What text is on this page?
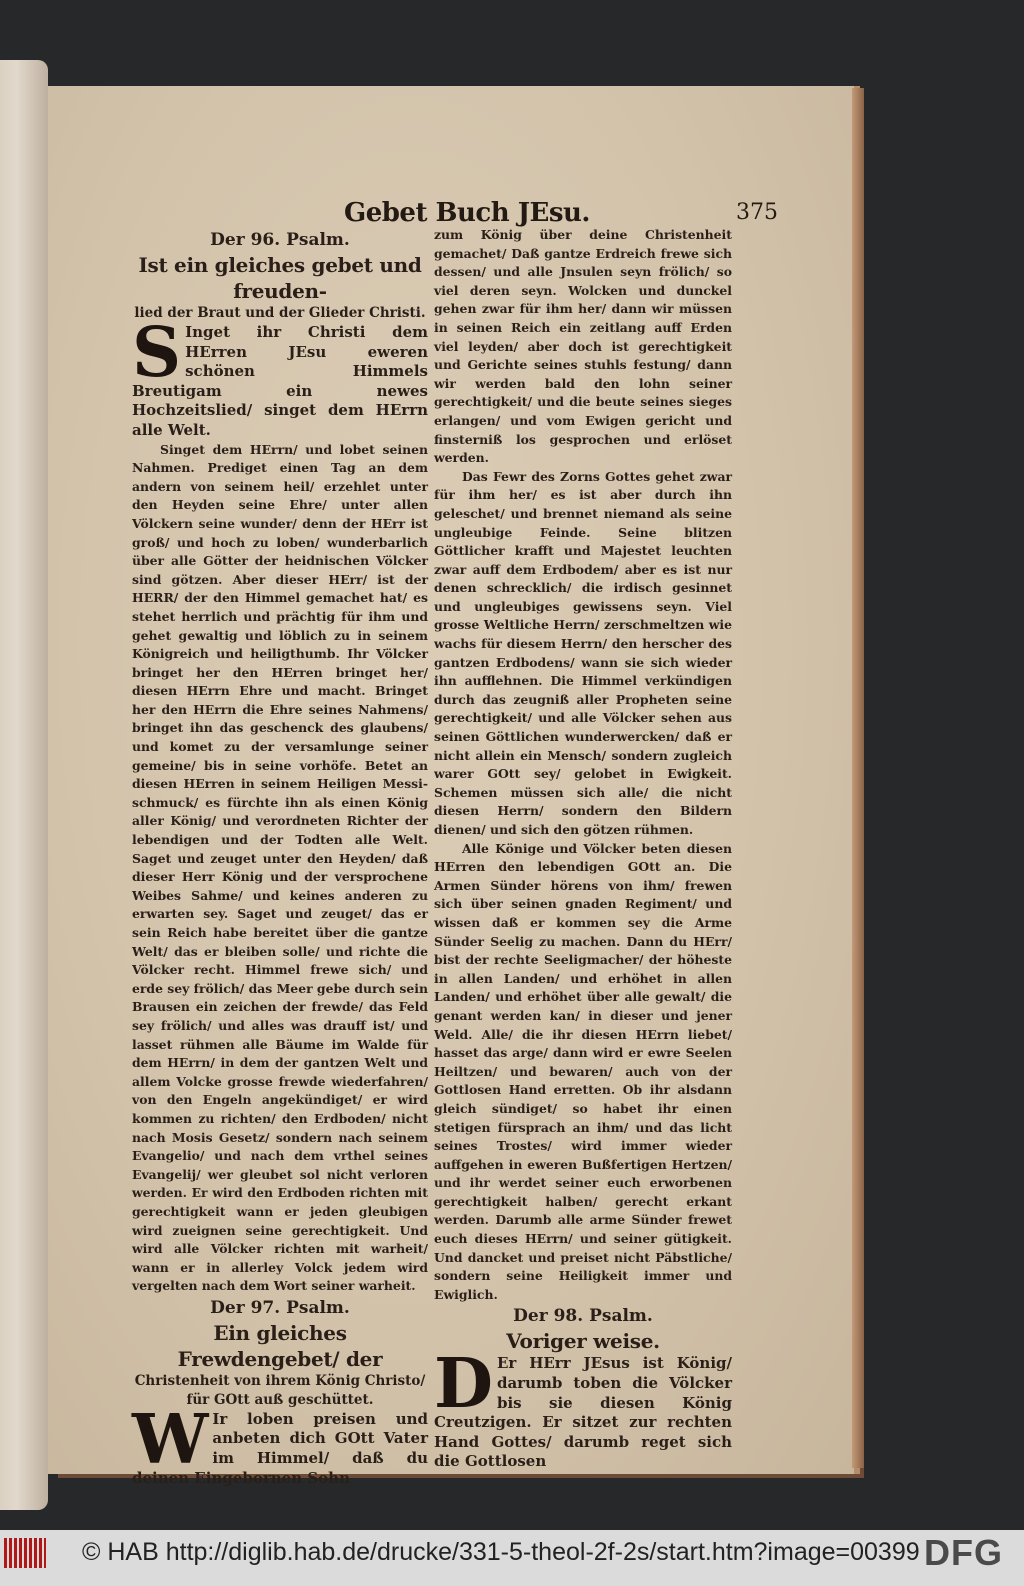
Gebet Buch JEsu.	375
Der 96. Psalm.
Ist ein gleiches gebet und freuden-
lied der Braut und der Glieder Christi.

S Inget ihr Christi dem HErren JEsu eweren schönen Himmels Breutigam ein newes Hochzeitslied/ singet dem HErrn alle Welt.

Singet dem HErrn/ und lobet seinen Nahmen. Prediget einen Tag an dem andern von seinem heil/ erzehlet unter den Heyden seine Ehre/ unter allen Völckern seine wunder/ denn der HErr ist groß/ und hoch zu loben/ wunderbarlich über alle Götter der heidnischen Völcker sind götzen. Aber dieser HErr/ ist der HERR/ der den Himmel gemachet hat/ es stehet herrlich und prächtig für ihm und gehet gewaltig und löblich zu in seinem Königreich und heiligthumb. Ihr Völcker bringet her den HErren bringet her/ diesen HErrn Ehre und macht. Bringet her den HErrn die Ehre seines Nahmens/ bringet ihn das geschenck des glaubens/ und komet zu der versamlunge seiner gemeine/ bis in seine vorhöfe. Betet an diesen HErren in seinem Heiligen Messi-schmuck/ es fürchte ihn als einen König aller König/ und verordneten Richter der lebendigen und der Todten alle Welt. Saget und zeuget unter den Heyden/ daß dieser Herr König und der versprochene Weibes Sahme/ und keines anderen zu erwarten sey. Saget und zeuget/ das er sein Reich habe bereitet über die gantze Welt/ das er bleiben solle/ und richte die Völcker recht. Himmel frewe sich/ und erde sey frölich/ das Meer gebe durch sein Brausen ein zeichen der frewde/ das Feld sey frölich/ und alles was drauff ist/ und lasset rühmen alle Bäume im Walde für dem HErrn/ in dem der gantzen Welt und allem Volcke grosse frewde wiederfahren/ von den Engeln angekündiget/ er wird kommen zu richten/ den Erdboden/ nicht nach Mosis Gesetz/ sondern nach seinem Evangelio/ und nach dem vrthel seines Evangelij/ wer gleubet sol nicht verloren werden. Er wird den Erdboden richten mit gerechtigkeit wann er jeden gleubigen wird zueignen seine gerechtigkeit. Und wird alle Völcker richten mit warheit/ wann er in allerley Volck jedem wird vergelten nach dem Wort seiner warheit.

Der 97. Psalm.
Ein gleiches Frewdengebet/ der
Christenheit von ihrem König Christo/ für GOtt auß geschüttet.

W Ir loben preisen und anbeten dich GOtt Vater im Himmel/ daß du deinen Eingebornen Sohn

zum König über deine Christenheit gemachet/ Daß gantze Erdreich frewe sich dessen/ und alle Jnsulen seyn frölich/ so viel deren seyn. Wolcken und dunckel gehen zwar für ihm her/ dann wir müssen in seinen Reich ein zeitlang auff Erden viel leyden/ aber doch ist gerechtigkeit und Gerichte seines stuhls festung/ dann wir werden bald den lohn seiner gerechtigkeit/ und die beute seines sieges erlangen/ und vom Ewigen gericht und finsterniß los gesprochen und erlöset werden.

Das Fewr des Zorns Gottes gehet zwar für ihm her/ es ist aber durch ihn geleschet/ und brennet niemand als seine ungleubige Feinde. Seine blitzen Göttlicher krafft und Majestet leuchten zwar auff dem Erdbodem/ aber es ist nur denen schrecklich/ die irdisch gesinnet und ungleubiges gewissens seyn. Viel grosse Weltliche Herrn/ zerschmeltzen wie wachs für diesem Herrn/ den herscher des gantzen Erdbodens/ wann sie sich wieder ihn aufflehnen. Die Himmel verkündigen durch das zeugniß aller Propheten seine gerechtigkeit/ und alle Völcker sehen aus seinen Göttlichen wunderwercken/ daß er nicht allein ein Mensch/ sondern zugleich warer GOtt sey/ gelobet in Ewigkeit. Schemen müssen sich alle/ die nicht diesen Herrn/ sondern den Bildern dienen/ und sich den götzen rühmen.

Alle Könige und Völcker beten diesen HErren den lebendigen GOtt an. Die Armen Sünder hörens von ihm/ frewen sich über seinen gnaden Regiment/ und wissen daß er kommen sey die Arme Sünder Seelig zu machen. Dann du HErr/ bist der rechte Seeligmacher/ der höheste in allen Landen/ und erhöhet in allen Landen/ und erhöhet über alle gewalt/ die genant werden kan/ in dieser und jener Weld. Alle/ die ihr diesen HErrn liebet/ hasset das arge/ dann wird er ewre Seelen Heiltzen/ und bewaren/ auch von der Gottlosen Hand erretten. Ob ihr alsdann gleich sündiget/ so habet ihr einen stetigen fürsprach an ihm/ und das licht seines Trostes/ wird immer wieder auffgehen in eweren Bußfertigen Hertzen/ und ihr werdet seiner euch erworbenen gerechtigkeit halben/ gerecht erkant werden. Darumb alle arme Sünder frewet euch dieses HErrn/ und seiner gütigkeit. Und dancket und preiset nicht Päbstliche/ sondern seine Heiligkeit immer und Ewiglich.

Der 98. Psalm.
Voriger weise.

D Er HErr JEsus ist König/ darumb toben die Völcker bis sie diesen König Creutzigen. Er sitzet zur rechten Hand Gottes/ darumb reget sich die Gottlosen

© HAB http://diglib.hab.de/drucke/331-5-theol-2f-2s/start.htm?image=00399 DFG
